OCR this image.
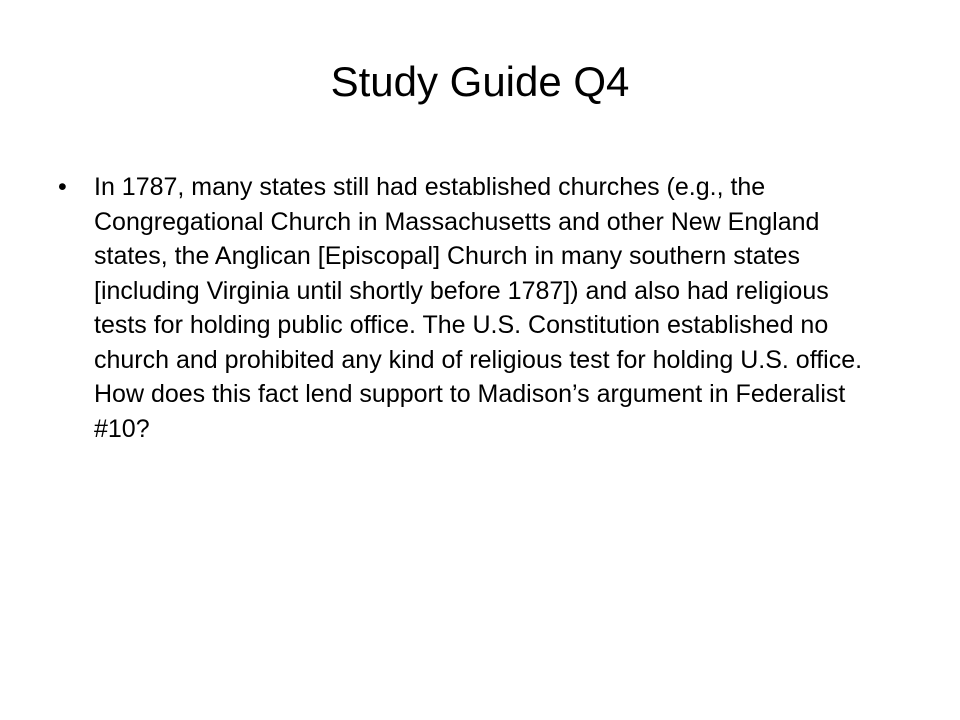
Study Guide Q4
•	In 1787, many states still had established churches (e.g., the Congregational Church in Massachusetts and other New England states, the Anglican [Episcopal] Church in many southern states [including Virginia until shortly before 1787]) and also had religious tests for holding public office. The U.S. Constitution established no church and prohibited any kind of religious test for holding U.S. office. How does this fact lend support to Madison’s argument in Federalist #10?
